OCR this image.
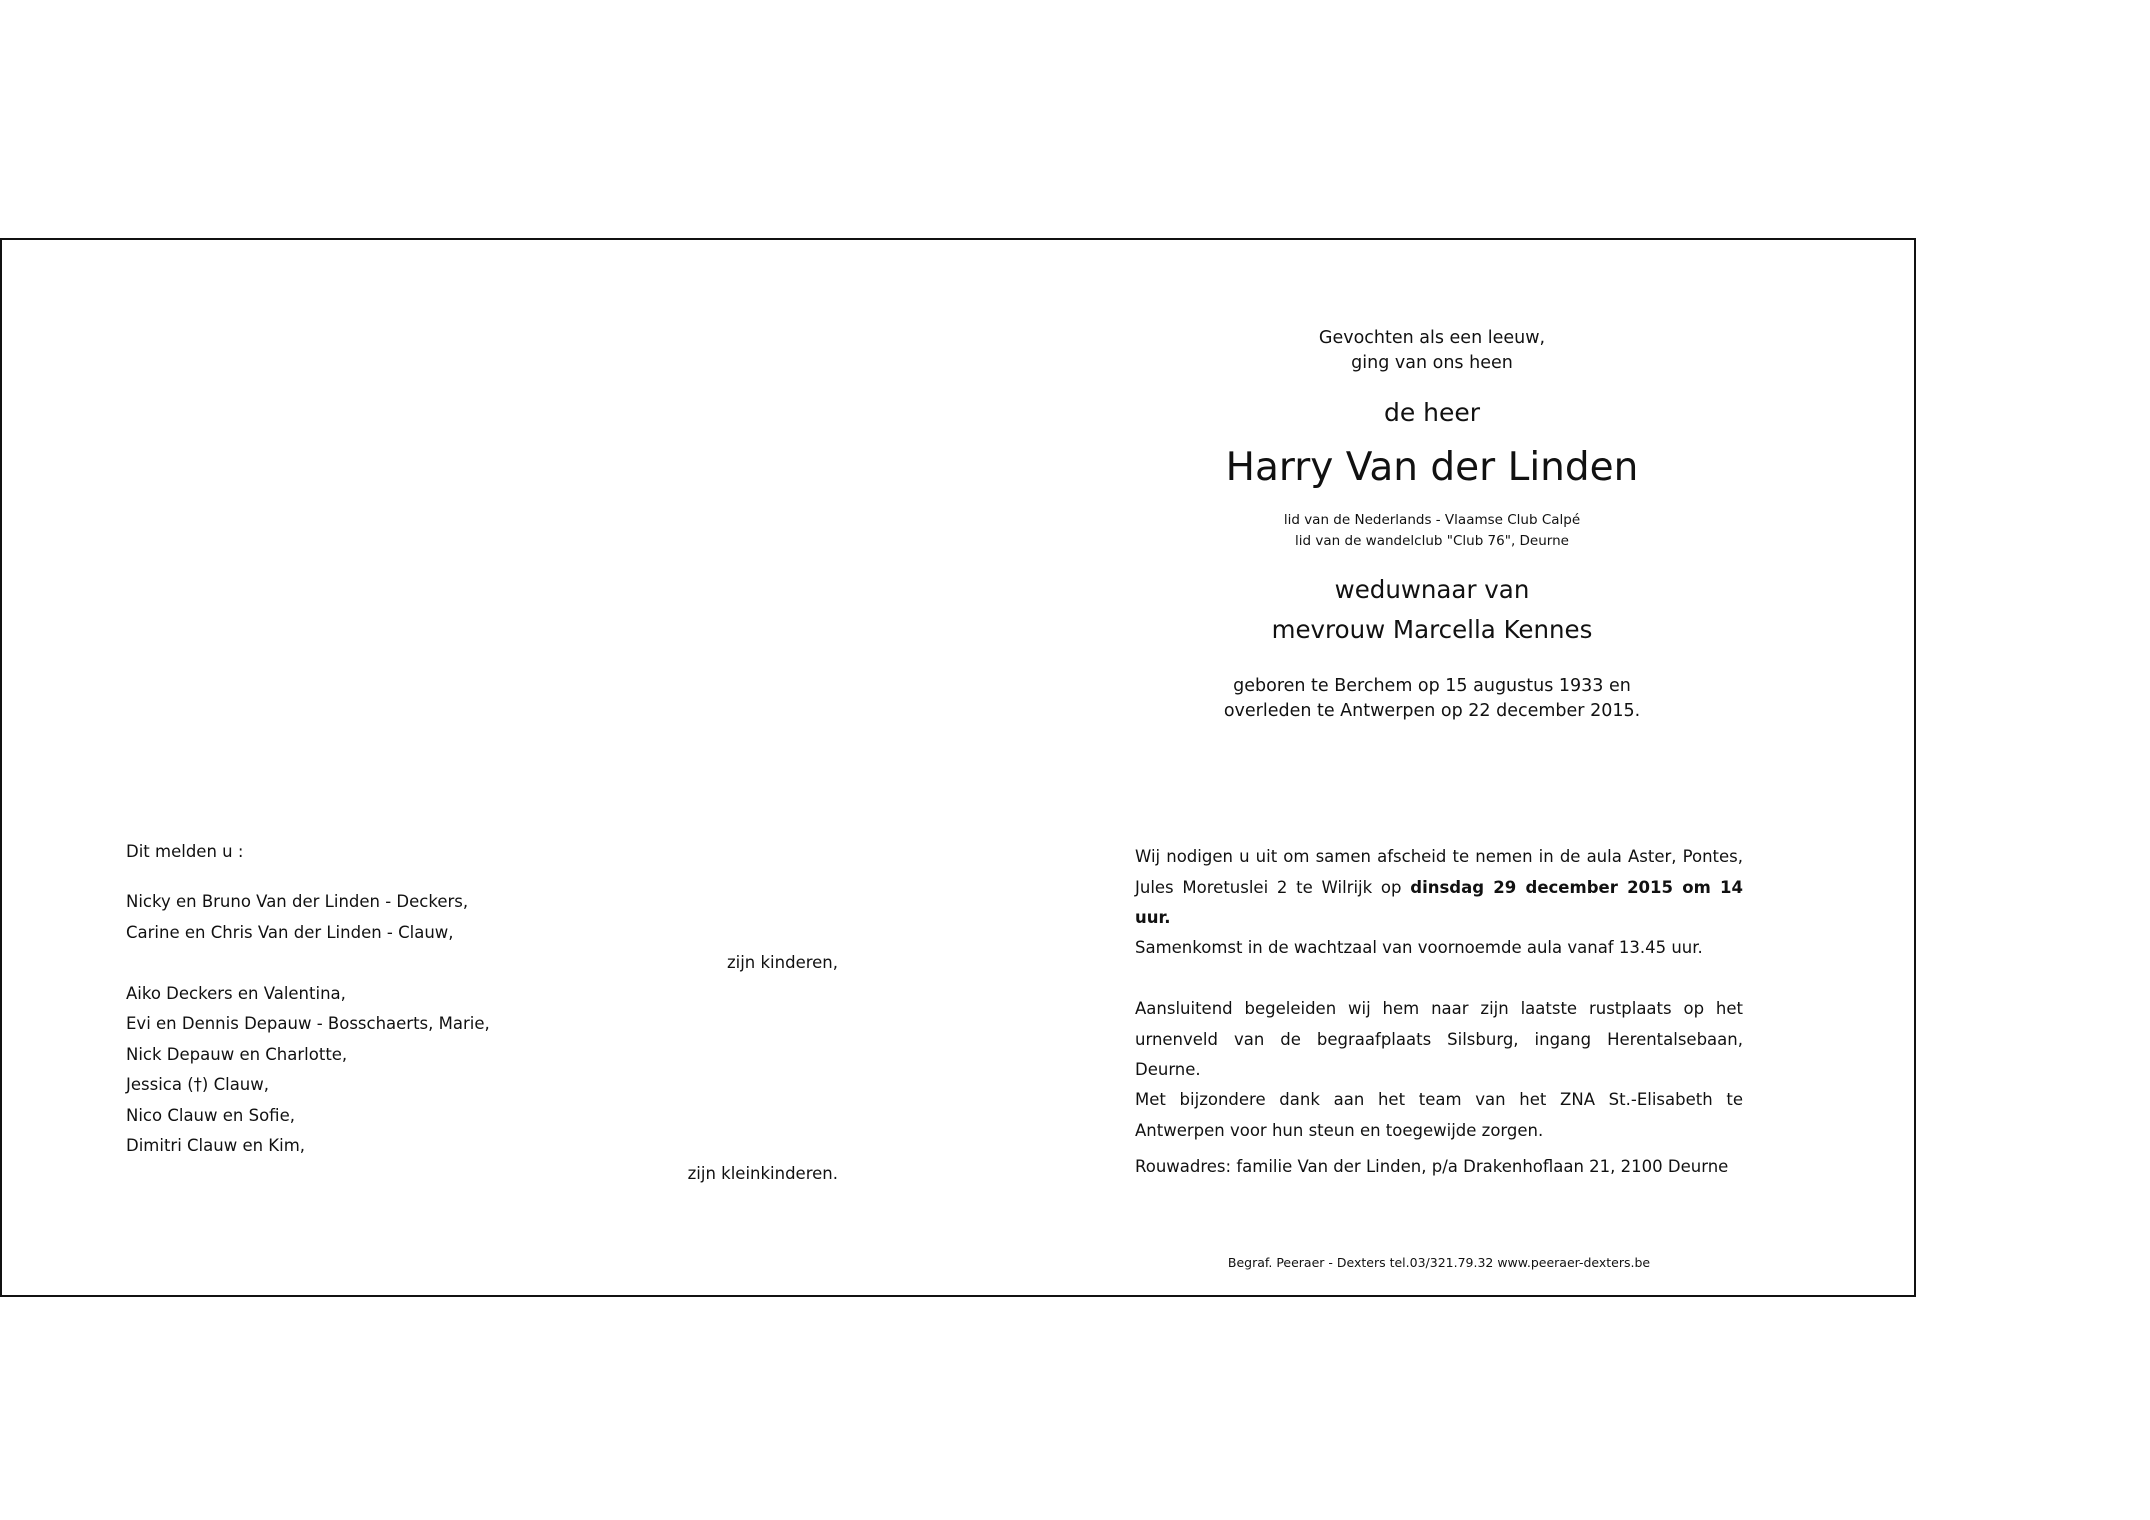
Gevochten als een leeuw,
ging van ons heen
de heer
Harry Van der Linden
lid van de Nederlands - Vlaamse Club Calpé
lid van de wandelclub "Club 76", Deurne
weduwnaar van
mevrouw Marcella Kennes
geboren te Berchem op 15 augustus 1933 en
overleden te Antwerpen op 22 december 2015.
Dit melden u :
Nicky en Bruno Van der Linden - Deckers,
Carine en Chris Van der Linden - Clauw,
zijn kinderen,
Aiko Deckers en Valentina,
Evi en Dennis Depauw - Bosschaerts, Marie,
Nick Depauw en Charlotte,
Jessica (†) Clauw,
Nico Clauw en Sofie,
Dimitri Clauw en Kim,
zijn kleinkinderen.
Wij nodigen u uit om samen afscheid te nemen in de aula Aster, Pontes, Jules Moretuslei 2 te Wilrijk op dinsdag 29 december 2015 om 14 uur.
Samenkomst in de wachtzaal van voornoemde aula vanaf 13.45 uur.
Aansluitend begeleiden wij hem naar zijn laatste rustplaats op het urnenveld van de begraafplaats Silsburg, ingang Herentalsebaan, Deurne.
Met bijzondere dank aan het team van het ZNA St.-Elisabeth te Antwerpen voor hun steun en toegewijde zorgen.
Rouwadres: familie Van der Linden, p/a Drakenhoflaan 21, 2100 Deurne
Begraf. Peeraer - Dexters tel.03/321.79.32 www.peeraer-dexters.be
